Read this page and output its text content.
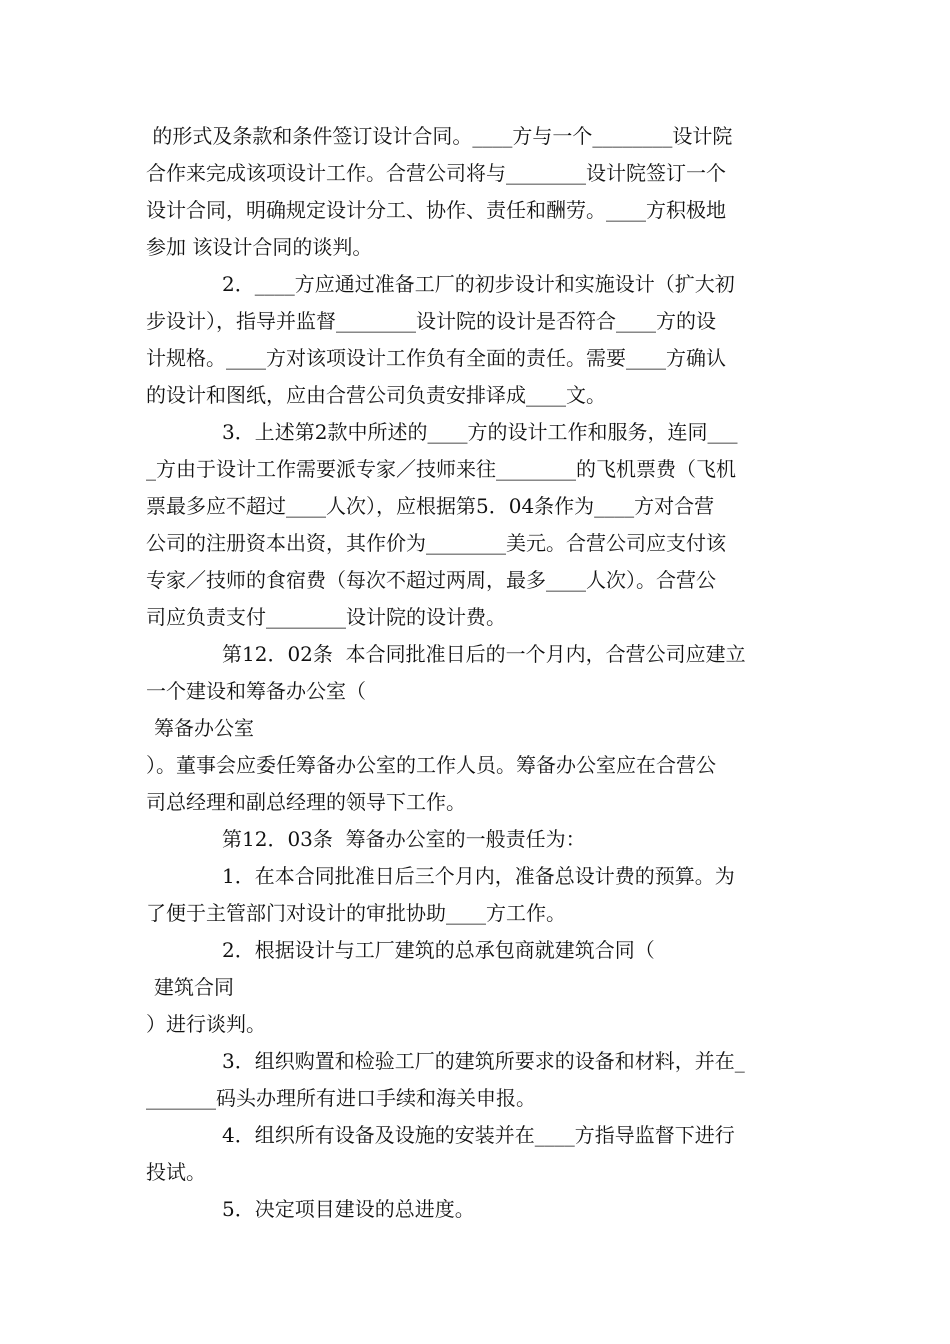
的形式及条款和条件签订设计合同。____方与一个________设计院
合作来完成该项设计工作。合营公司将与________设计院签订一个
设计合同，明确规定设计分工、协作、责任和酬劳。____方积极地
参加 该设计合同的谈判。
2．____方应通过准备工厂的初步设计和实施设计（扩大初
步设计），指导并监督________设计院的设计是否符合____方的设
计规格。____方对该项设计工作负有全面的责任。需要____方确认
的设计和图纸，应由合营公司负责安排译成____文。
3．上述第2款中所述的____方的设计工作和服务，连同___
_方由于设计工作需要派专家／技师来往________的飞机票费（飞机
票最多应不超过____人次），应根据第5．04条作为____方对合营
公司的注册资本出资，其作价为________美元。合营公司应支付该
专家／技师的食宿费（每次不超过两周，最多____人次）。合营公
司应负责支付________设计院的设计费。
第12．02条  本合同批准日后的一个月内，合营公司应建立
一个建设和筹备办公室（
筹备办公室
）。董事会应委任筹备办公室的工作人员。筹备办公室应在合营公
司总经理和副总经理的领导下工作。
第12．03条  筹备办公室的一般责任为：
1．在本合同批准日后三个月内，准备总设计费的预算。为
了便于主管部门对设计的审批协助____方工作。
2．根据设计与工厂建筑的总承包商就建筑合同（
建筑合同
）进行谈判。
3．组织购置和检验工厂的建筑所要求的设备和材料，并在_
_______码头办理所有进口手续和海关申报。
4．组织所有设备及设施的安装并在____方指导监督下进行
投试。
5．决定项目建设的总进度。
